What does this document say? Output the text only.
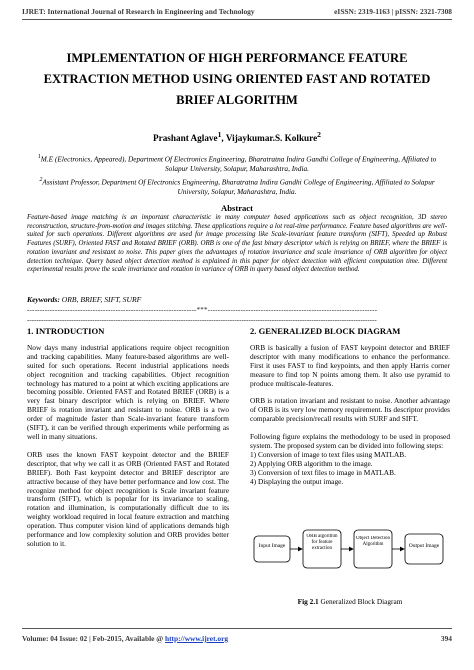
IJRET: International Journal of Research in Engineering and Technology	eISSN: 2319-1163 | pISSN: 2321-7308
IMPLEMENTATION OF HIGH PERFORMANCE FEATURE EXTRACTION METHOD USING ORIENTED FAST AND ROTATED BRIEF ALGORITHM
Prashant Aglave$^1$, Vijaykumar.S. Kolkure$^2$
$^1$M.E (Electronics, Appeared), Department Of Electronics Engineering, Bharatratna Indira Gandhi College of Engineering, Affiliated to Solapur University, Solapur, Maharashtra, India.
$^2$Assistant Professor, Department Of Electronics Engineering, Bharatratna Indira Gandhi College of Engineering, Affiliated to Solapur University, Solapur, Maharashtra, India.
Abstract
Feature-based image matching is an important characteristic in many computer based applications such as object recognition, 3D stereo reconstruction, structure-from-motion and images stitching. These applications require a lot real-time performance. Feature based algorithms are well-suited for such operations. Different algorithms are used for image processing like Scale-invariant feature transform (SIFT), Speeded up Robust Features (SURF), Oriented FAST and Rotated BRIEF (ORB). ORB is one of the fast binary descriptor which is relying on BRIEF, where the BRIEF is rotation invariant and resistant to noise. This paper gives the advantages of rotation invariance and scale invariance of ORB algorithm for object detection technique. Query based object detection method is explained in this paper for object detection with efficient computation time. Different experimental results prove the scale invariance and rotation in variance of ORB in query based object detection method.
Keywords: ORB, BRIEF, SIFT, SURF
-------------------------------------------------------------------***-------------------------------------------------------------------
------------------------------------------------------------------------------------------------------------------------------------------------------
1. INTRODUCTION

Now days many industrial applications require object recognition and tracking capabilities. Many feature-based algorithms are well-suited for such operations. Recent industrial applications needs object recognition and tracking capabilities. Object recognition technology has matured to a point at which exciting applications are becoming possible. Oriented FAST and Rotated BRIEF (ORB) is a very fast binary descriptor which is relying on BRIEF. Where BRIEF is rotation invariant and resistant to noise. ORB is a two order of magnitude faster than Scale-invariant feature transform (SIFT), it can be verified through experiments while performing as well in many situations.

ORB uses the known FAST keypoint detector and the BRIEF descriptor, that why we call it as ORB (Oriented FAST and Rotated BRIEF). Both Fast keypoint detector and BRIEF descriptor are attractive because of they have better performance and low cost. The recognize method for object recognition is Scale invariant feature transform (SIFT), which is popular for its invariance to scaling, rotation and illumination, is computationally difficult due to its weighty workload required in local feature extraction and matching operation. Thus computer vision kind of applications demands high performance and low complexity solution and ORB provides better solution to it.

2. GENERALIZED BLOCK DIAGRAM

ORB is basically a fusion of FAST keypoint detector and BRIEF descriptor with many modifications to enhance the performance. First it uses FAST to find keypoints, and then apply Harris corner measure to find top N points among them. It also use pyramid to produce multiscale-features.

ORB is rotation invariant and resistant to noise. Another advantage of ORB is its very low memory requirement. Its descriptor provides comparable precision/recall results with SURF and SIFT.

Following figure explains the methodology to be used in proposed system. The proposed system can be divided into following steps:

1) Conversion of image to text files using MATLAB.
2) Applying ORB algorithm to the image.
3) Conversion of text files to image in MATLAB.
4) Displaying the output image.
Input Image
ORB algorithm for feature extraction
Object Detection Algorithm	Output Image
Fig 2.1 Generalized Block Diagram
Volume: 04 Issue: 02 | Feb-2015, Available @ http://www.ijret.org	394
